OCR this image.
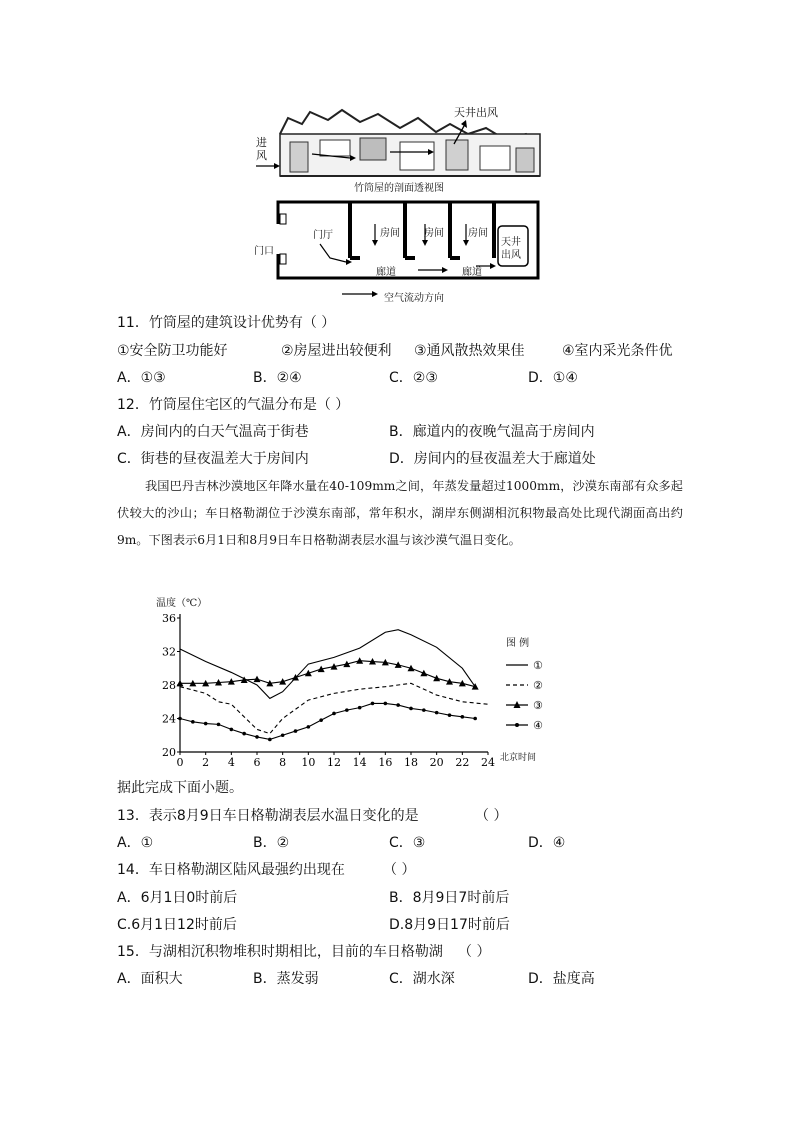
进
风
天井出风
竹筒屋的剖面透视图
门口
门厅	房间 房间 房间
廊道	廊道
天井
出风
空气流动方向
11．竹筒屋的建筑设计优势有（ ）
①安全防卫功能好	②房屋进出较便利 ③通风散热效果佳	④室内采光条件优
A．①③	B．②④	C．②③	D．①④
12．竹筒屋住宅区的气温分布是（ ）
A．房间内的白天气温高于街巷	B．廊道内的夜晚气温高于房间内
C．街巷的昼夜温差大于房间内	D．房间内的昼夜温差大于廊道处
我国巴丹吉林沙漠地区年降水量在40-109mm之间，年蒸发量超过1000mm，沙漠东南部有众多起伏较大的沙山；车日格勒湖位于沙漠东南部，常年积水，湖岸东侧湖相沉积物最高处比现代湖面高出约9m。下图表示6月1日和8月9日车日格勒湖表层水温与该沙漠气温日变化。
20
24
28
32
36
0 2 4 6 8 10 12 14 16 18 20 22 24
①
②
③
④
温度（℃）
北京时间
图 例
据此完成下面小题。
13．表示8月9日车日格勒湖表层水温日变化的是	（ ）
A．①	B．②	C．③	D．④
14．车日格勒湖区陆风最强约出现在	（ ）
A．6月1日0时前后	B．8月9日7时前后
C.6月1日12时前后	D.8月9日17时前后
15．与湖相沉积物堆积时期相比，目前的车日格勒湖 （ ）
A．面积大	B．蒸发弱	C．湖水深	D．盐度高
